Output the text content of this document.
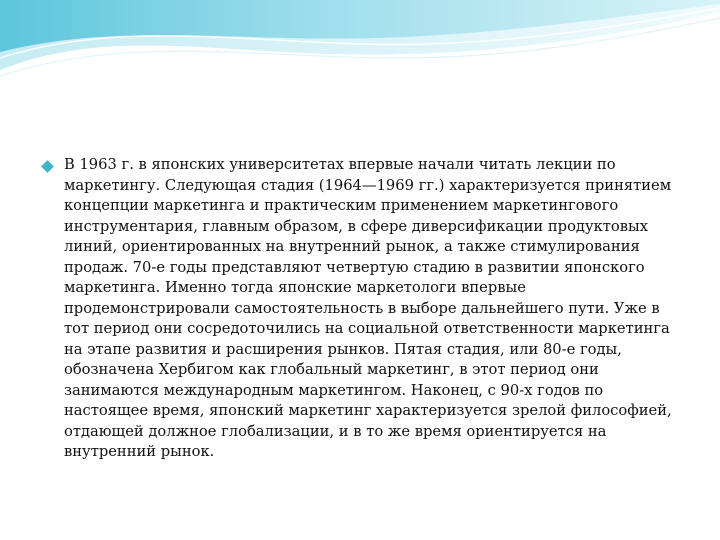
В 1963 г. в японских университетах впервые начали читать лекции по маркетингу. Следующая стадия (1964—1969 гг.) характеризуется принятием концепции маркетинга и практическим применением маркетингового инструментария, главным образом, в сфере диверсификации продуктовых линий, ориентированных на внутренний рынок, а также стимулирования продаж. 70-е годы представляют четвертую стадию в развитии японского маркетинга. Именно тогда японские маркетологи впервые продемонстрировали самостоятельность в выборе дальнейшего пути. Уже в тот период они сосредоточились на социальной ответственности маркетинга на этапе развития и расширения рынков. Пятая стадия, или 80-е годы, обозначена Хербигом как глобальный маркетинг, в этот период они занимаются международным маркетингом. Наконец, с 90-х годов по настоящее время, японский маркетинг характеризуется зрелой философией, отдающей должное глобализации, и в то же время ориентируется на внутренний рынок.
